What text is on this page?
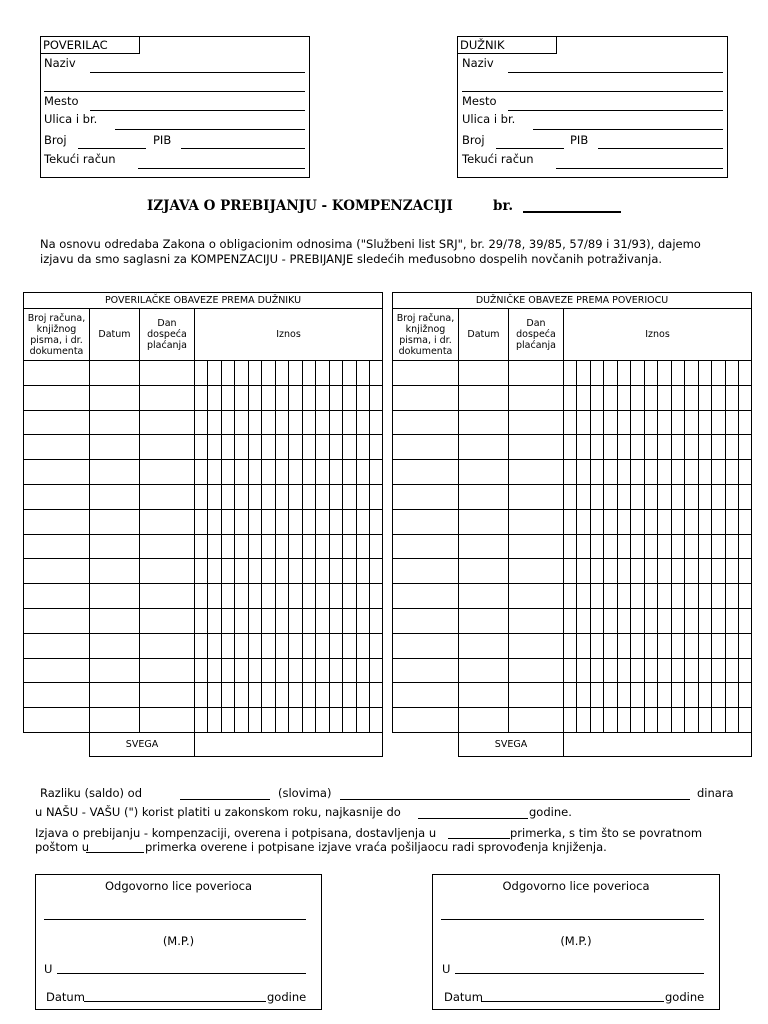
POVERILAC
Naziv
Mesto
Ulica i br.
Broj	PIB
Tekući račun
DUŽNIK
Naziv
Mesto
Ulica i br.
Broj	PIB
Tekući račun
IZJAVA O PREBIJANJU - KOMPENZACIJI	br.
Na osnovu odredaba Zakona o obligacionim odnosima ("Službeni list SRJ", br. 29/78, 39/85, 57/89 i 31/93), dajemo izjavu da smo saglasni za KOMPENZACIJU - PREBIJANJE sledećih međusobno dospelih novčanih potraživanja.
POVERILAČKE OBAVEZE PREMA DUŽNIKU																
Broj računa, knjižnog pisma, i dr. dokumenta	Datum	Dan dospeća plaćanja	Iznos													

	SVEGA															
DUŽNIČKE OBAVEZE PREMA POVERIOCU																
Broj računa, knjižnog pisma, i dr. dokumenta	Datum	Dan dospeća plaćanja	Iznos													

	SVEGA															
Razliku (saldo) od	(slovima)	dinara
u NAŠU - VAŠU (") korist platiti u zakonskom roku, najkasnije do	godine.
Izjava o prebijanju - kompenzaciji, overena i potpisana, dostavljenja u	primerka, s tim što se povratnom
poštom u	primerka overene i potpisane izjave vraća pošiljaocu radi sprovođenja knjiženja.
Odgovorno lice poverioca
(M.P.)
U
Datum	godine
Odgovorno lice poverioca
(M.P.)
U
Datum	godine
